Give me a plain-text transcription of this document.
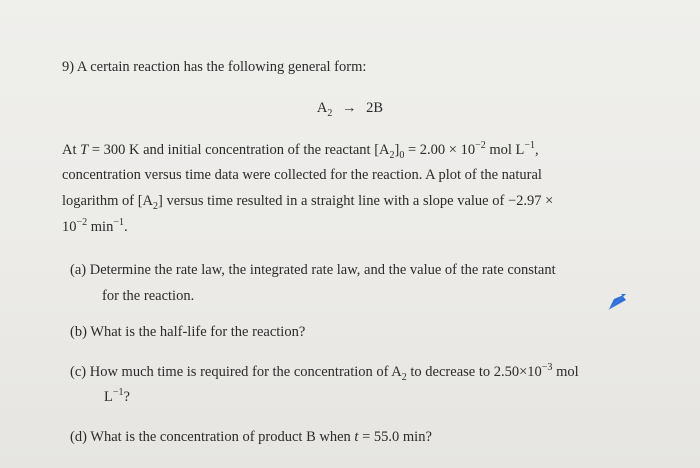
9) A certain reaction has the following general form:
$A_2 \to 2B$
At T = 300 K and initial concentration of the reactant $[A_2]_0 = 2.00 \times 10^{-2}$ mol $L^{-1}$,
concentration versus time data were collected for the reaction. A plot of the natural
logarithm of $[A_2]$ versus time resulted in a straight line with a slope value of −2.97 ×
$10^{-2}$ $\min^{-1}$.
(a) Determine the rate law, the integrated rate law, and the value of the rate constant
for the reaction.
(b) What is the half-life for the reaction?
(c) How much time is required for the concentration of $A_2$ to decrease to $2.50\times 10^{-3}$ mol
$L^{-1}$?
(d) What is the concentration of product B when t = 55.0 min?
